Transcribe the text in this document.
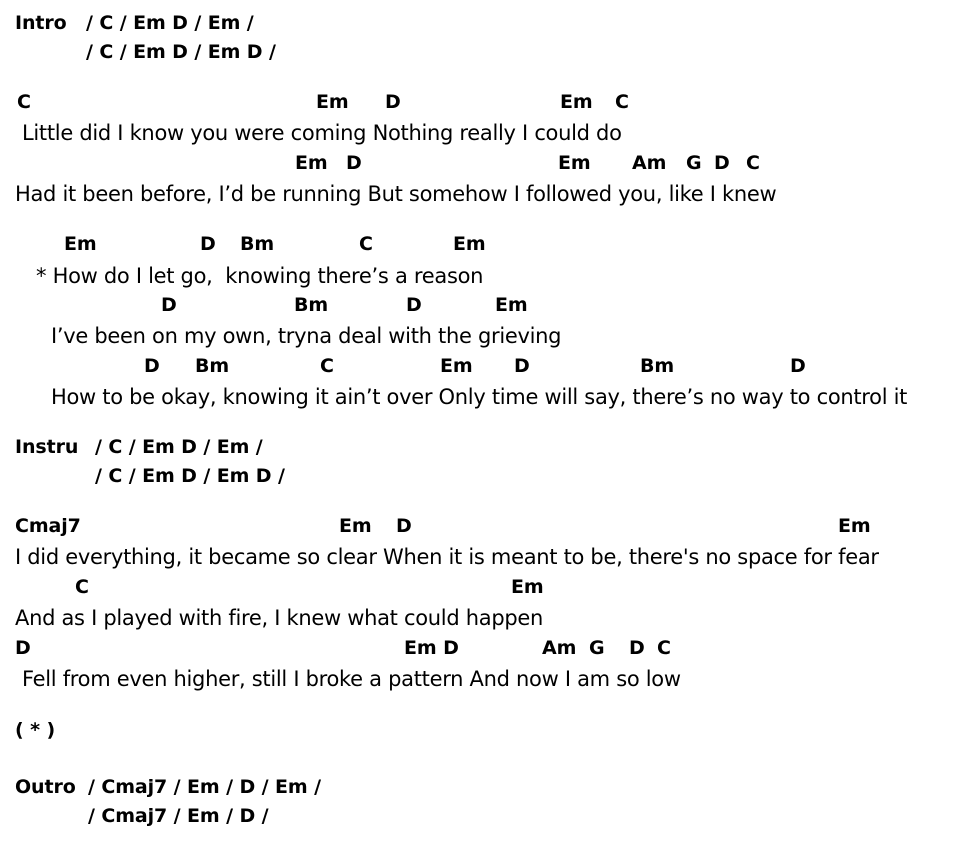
Intro / C / Em D / Em /
/ C / Em D / Em D /
C	Em D	Em C
Little did I know you were coming Nothing really I could do
Em D	Em Am G D C
Had it been before, I’d be running But somehow I followed you, like I knew
Em	D Bm	C	Em
* How do I let go,  knowing there’s a reason
D	Bm	D	Em
I’ve been on my own, tryna deal with the grieving
D Bm	C	Em D	Bm	D
How to be okay, knowing it ain’t over Only time will say, there’s no way to control it
Instru / C / Em D / Em /
/ C / Em D / Em D /
Cmaj7	Em D	Em
I did everything, it became so clear When it is meant to be, there's no space for fear
C	Em
And as I played with fire, I knew what could happen
D	Em D	Am G D C
Fell from even higher, still I broke a pattern And now I am so low
( * )
Outro / Cmaj7 / Em / D / Em /
/ Cmaj7 / Em / D /
